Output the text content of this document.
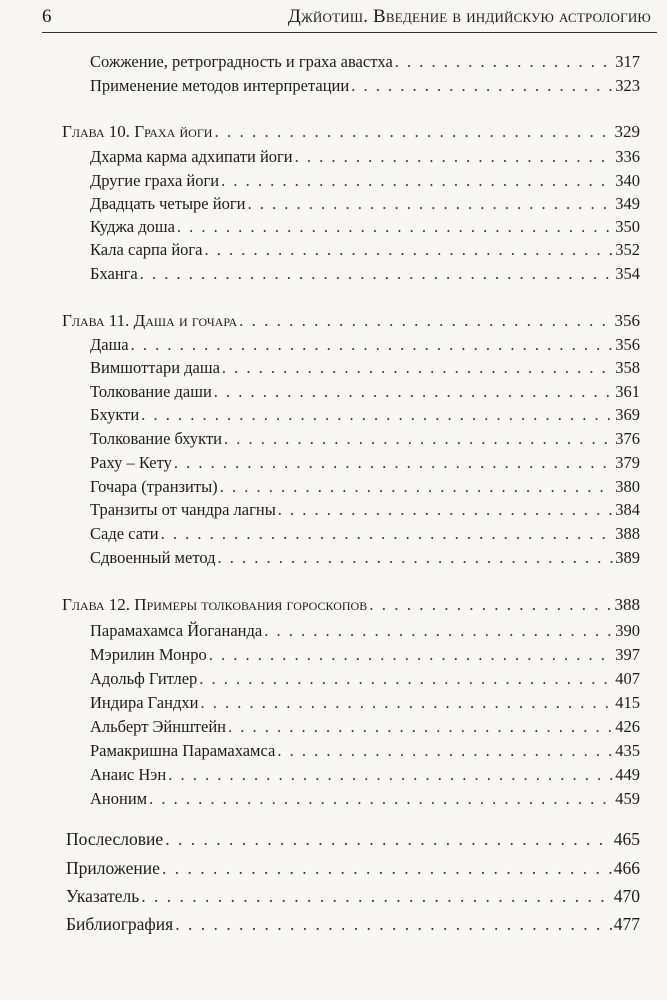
6	Джйотиш. Введение в индийскую астрологию
Сожжение, ретроградность и граха авастха . . .	317
Применение методов интерпретации . . .	323
Глава 10. Граха йоги . . .	329
Дхарма карма адхипати йоги . . .	336
Другие граха йоги . . .	340
Двадцать четыре йоги . . .	349
Куджа доша . . .	350
Кала сарпа йога . . .	352
Бханга . . .	354
Глава 11. Даша и гочара . . .	356
Даша . . .	356
Вимшоттари даша . . .	358
Толкование даши . . .	361
Бхукти . . .	369
Толкование бхукти . . .	376
Раху – Кету . . .	379
Гочара (транзиты) . . .	380
Транзиты от чандра лагны . . .	384
Саде сати . . .	388
Сдвоенный метод . . .	389
Глава 12. Примеры толкования гороскопов . . .	388
Парамахамса Йогананда . . .	390
Мэрилин Монро . . .	397
Адольф Гитлер . . .	407
Индира Гандхи . . .	415
Альберт Эйнштейн . . .	426
Рамакришна Парамахамса . . .	435
Анаис Нэн . . .	449
Аноним . . .	459
Послесловие . . .	465
Приложение . . .	466
Указатель . . .	470
Библиография . . .	477
